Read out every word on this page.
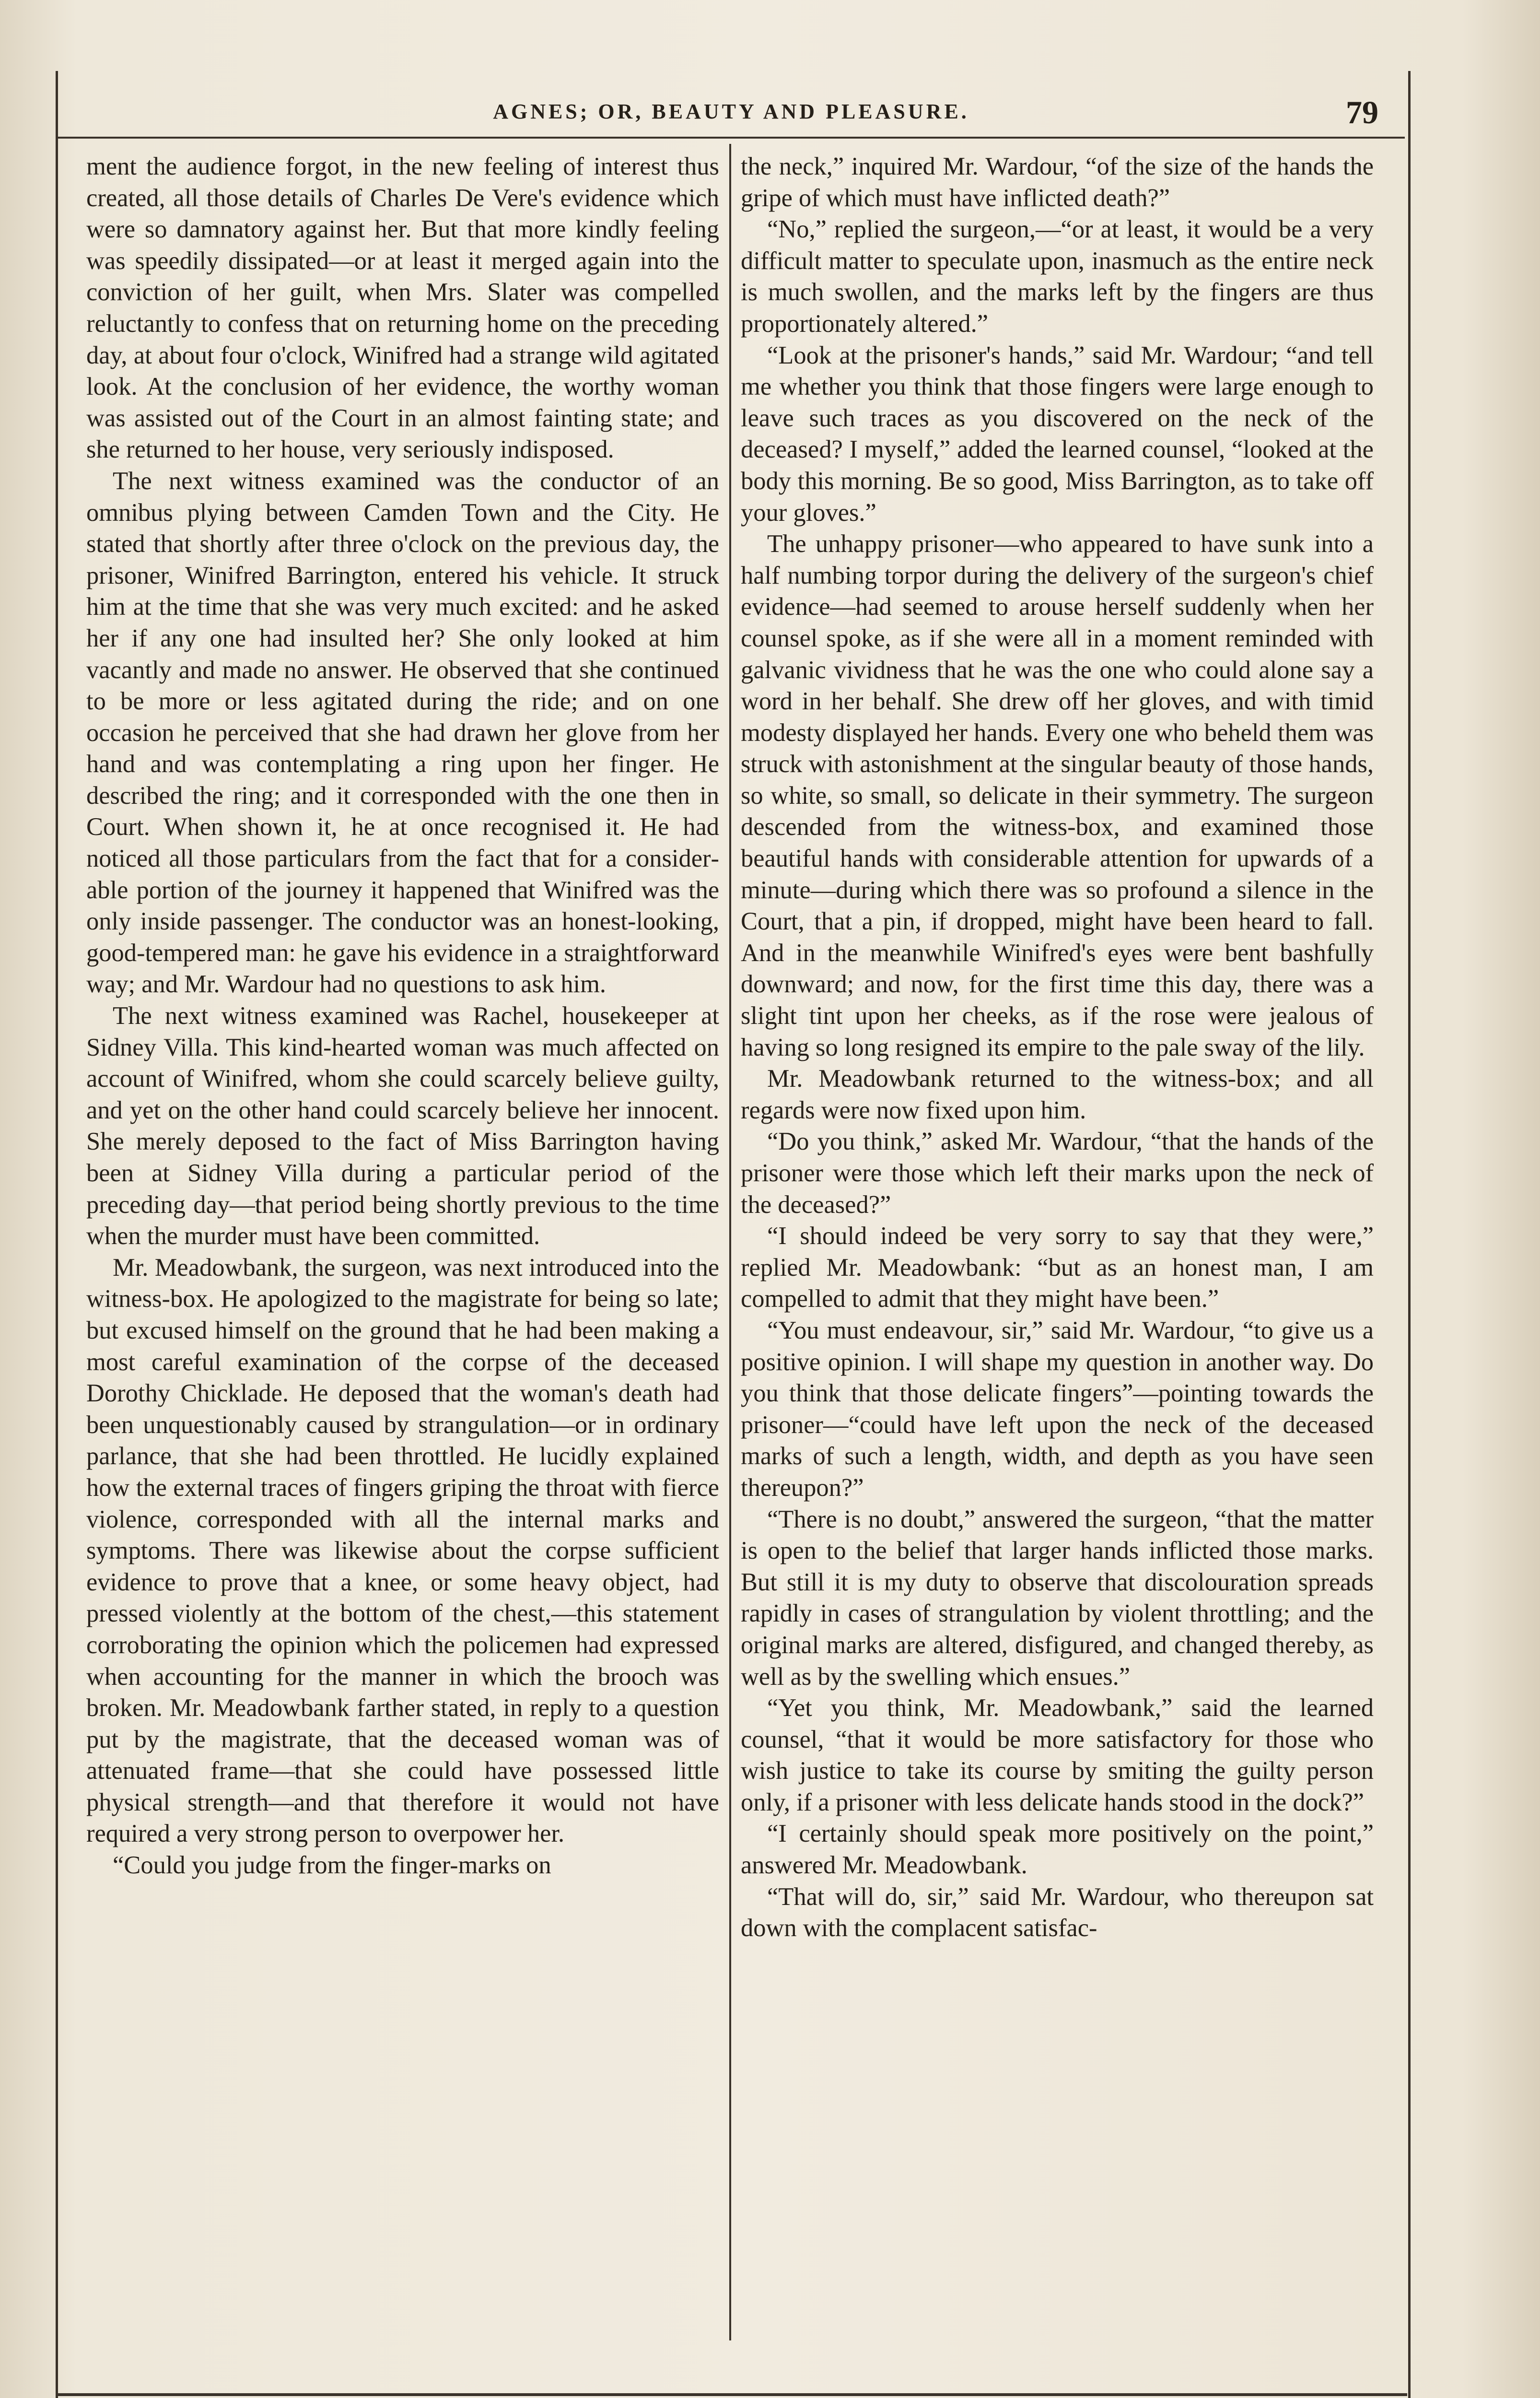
AGNES; OR, BEAUTY AND PLEASURE.	79

ment the audience forgot, in the new feeling of interest thus created, all those details of Charles De Vere's evidence which were so damnatory against her. But that more kindly feeling was speedily dissipated—or at least it merged again into the conviction of her guilt, when Mrs. Slater was compelled reluctantly to confess that on returning home on the preceding day, at about four o'clock, Winifred had a strange wild agitated look. At the conclusion of her evidence, the worthy woman was assisted out of the Court in an almost fainting state; and she returned to her house, very seriously indisposed.

The next witness examined was the conductor of an omnibus plying between Camden Town and the City. He stated that shortly after three o'clock on the previous day, the prisoner, Winifred Barrington, entered his vehicle. It struck him at the time that she was very much excited: and he asked her if any one had insulted her? She only looked at him vacantly and made no answer. He observed that she continued to be more or less agitated during the ride; and on one occasion he perceived that she had drawn her glove from her hand and was contemplating a ring upon her finger. He described the ring; and it corresponded with the one then in Court. When shown it, he at once recognised it. He had noticed all those particulars from the fact that for a considerable portion of the journey it happened that Winifred was the only inside passenger. The conductor was an honest-looking, good-tempered man: he gave his evidence in a straightforward way; and Mr. Wardour had no questions to ask him.

The next witness examined was Rachel, housekeeper at Sidney Villa. This kind-hearted woman was much affected on account of Winifred, whom she could scarcely believe guilty, and yet on the other hand could scarcely believe her innocent. She merely deposed to the fact of Miss Barrington having been at Sidney Villa during a particular period of the preceding day—that period being shortly previous to the time when the murder must have been committed.

Mr. Meadowbank, the surgeon, was next introduced into the witness-box. He apologized to the magistrate for being so late; but excused himself on the ground that he had been making a most careful examination of the corpse of the deceased Dorothy Chicklade. He deposed that the woman's death had been unquestionably caused by strangulation—or in ordinary parlance, that she had been throttled. He lucidly explained how the external traces of fingers griping the throat with fierce violence, corresponded with all the internal marks and symptoms. There was likewise about the corpse sufficient evidence to prove that a knee, or some heavy object, had pressed violently at the bottom of the chest,—this statement corroborating the opinion which the policemen had expressed when accounting for the manner in which the brooch was broken. Mr. Meadowbank farther stated, in reply to a question put by the magistrate, that the deceased woman was of attenuated frame—that she could have possessed little physical strength—and that therefore it would not have required a very strong person to overpower her.

“Could you judge from the finger-marks on

the neck,” inquired Mr. Wardour, “of the size of the hands the gripe of which must have inflicted death?”

“No,” replied the surgeon,—“or at least, it would be a very difficult matter to speculate upon, inasmuch as the entire neck is much swollen, and the marks left by the fingers are thus proportionately altered.”

“Look at the prisoner's hands,” said Mr. Wardour; “and tell me whether you think that those fingers were large enough to leave such traces as you discovered on the neck of the deceased? I myself,” added the learned counsel, “looked at the body this morning. Be so good, Miss Barrington, as to take off your gloves.”

The unhappy prisoner—who appeared to have sunk into a half numbing torpor during the delivery of the surgeon's chief evidence—had seemed to arouse herself suddenly when her counsel spoke, as if she were all in a moment reminded with galvanic vividness that he was the one who could alone say a word in her behalf. She drew off her gloves, and with timid modesty displayed her hands. Every one who beheld them was struck with astonishment at the singular beauty of those hands, so white, so small, so delicate in their symmetry. The surgeon descended from the witness-box, and examined those beautiful hands with considerable attention for upwards of a minute—during which there was so profound a silence in the Court, that a pin, if dropped, might have been heard to fall. And in the meanwhile Winifred's eyes were bent bashfully downward; and now, for the first time this day, there was a slight tint upon her cheeks, as if the rose were jealous of having so long resigned its empire to the pale sway of the lily.

Mr. Meadowbank returned to the witness-box; and all regards were now fixed upon him.

“Do you think,” asked Mr. Wardour, “that the hands of the prisoner were those which left their marks upon the neck of the deceased?”

“I should indeed be very sorry to say that they were,” replied Mr. Meadowbank: “but as an honest man, I am compelled to admit that they might have been.”

“You must endeavour, sir,” said Mr. Wardour, “to give us a positive opinion. I will shape my question in another way. Do you think that those delicate fingers”—pointing towards the prisoner—“could have left upon the neck of the deceased marks of such a length, width, and depth as you have seen thereupon?”

“There is no doubt,” answered the surgeon, “that the matter is open to the belief that larger hands inflicted those marks. But still it is my duty to observe that discolouration spreads rapidly in cases of strangulation by violent throttling; and the original marks are altered, disfigured, and changed thereby, as well as by the swelling which ensues.”

“Yet you think, Mr. Meadowbank,” said the learned counsel, “that it would be more satisfactory for those who wish justice to take its course by smiting the guilty person only, if a prisoner with less delicate hands stood in the dock?”

“I certainly should speak more positively on the point,” answered Mr. Meadowbank.

“That will do, sir,” said Mr. Wardour, who thereupon sat down with the complacent satisfac-
